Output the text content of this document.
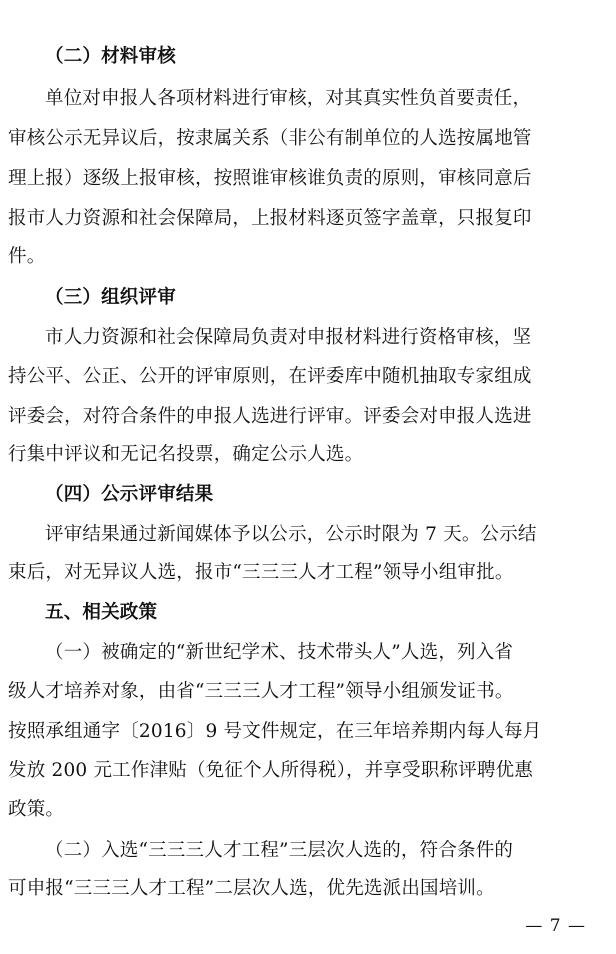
（二）材料审核
单位对申报人各项材料进行审核，对其真实性负首要责任，
审核公示无异议后，按隶属关系（非公有制单位的人选按属地管
理上报）逐级上报审核，按照谁审核谁负责的原则，审核同意后
报市人力资源和社会保障局，上报材料逐页签字盖章，只报复印
件。
（三）组织评审
市人力资源和社会保障局负责对申报材料进行资格审核，坚
持公平、公正、公开的评审原则，在评委库中随机抽取专家组成
评委会，对符合条件的申报人选进行评审。评委会对申报人选进
行集中评议和无记名投票，确定公示人选。
（四）公示评审结果
评审结果通过新闻媒体予以公示，公示时限为 7 天。公示结
束后，对无异议人选，报市“三三三人才工程”领导小组审批。
五、相关政策
（一）被确定的“新世纪学术、技术带头人”人选，列入省
级人才培养对象，由省“三三三人才工程”领导小组颁发证书。
按照承组通字〔2016〕9 号文件规定，在三年培养期内每人每月
发放 200 元工作津贴（免征个人所得税），并享受职称评聘优惠
政策。
（二）入选“三三三人才工程”三层次人选的，符合条件的
可申报“三三三人才工程”二层次人选，优先选派出国培训。
— 7 —
